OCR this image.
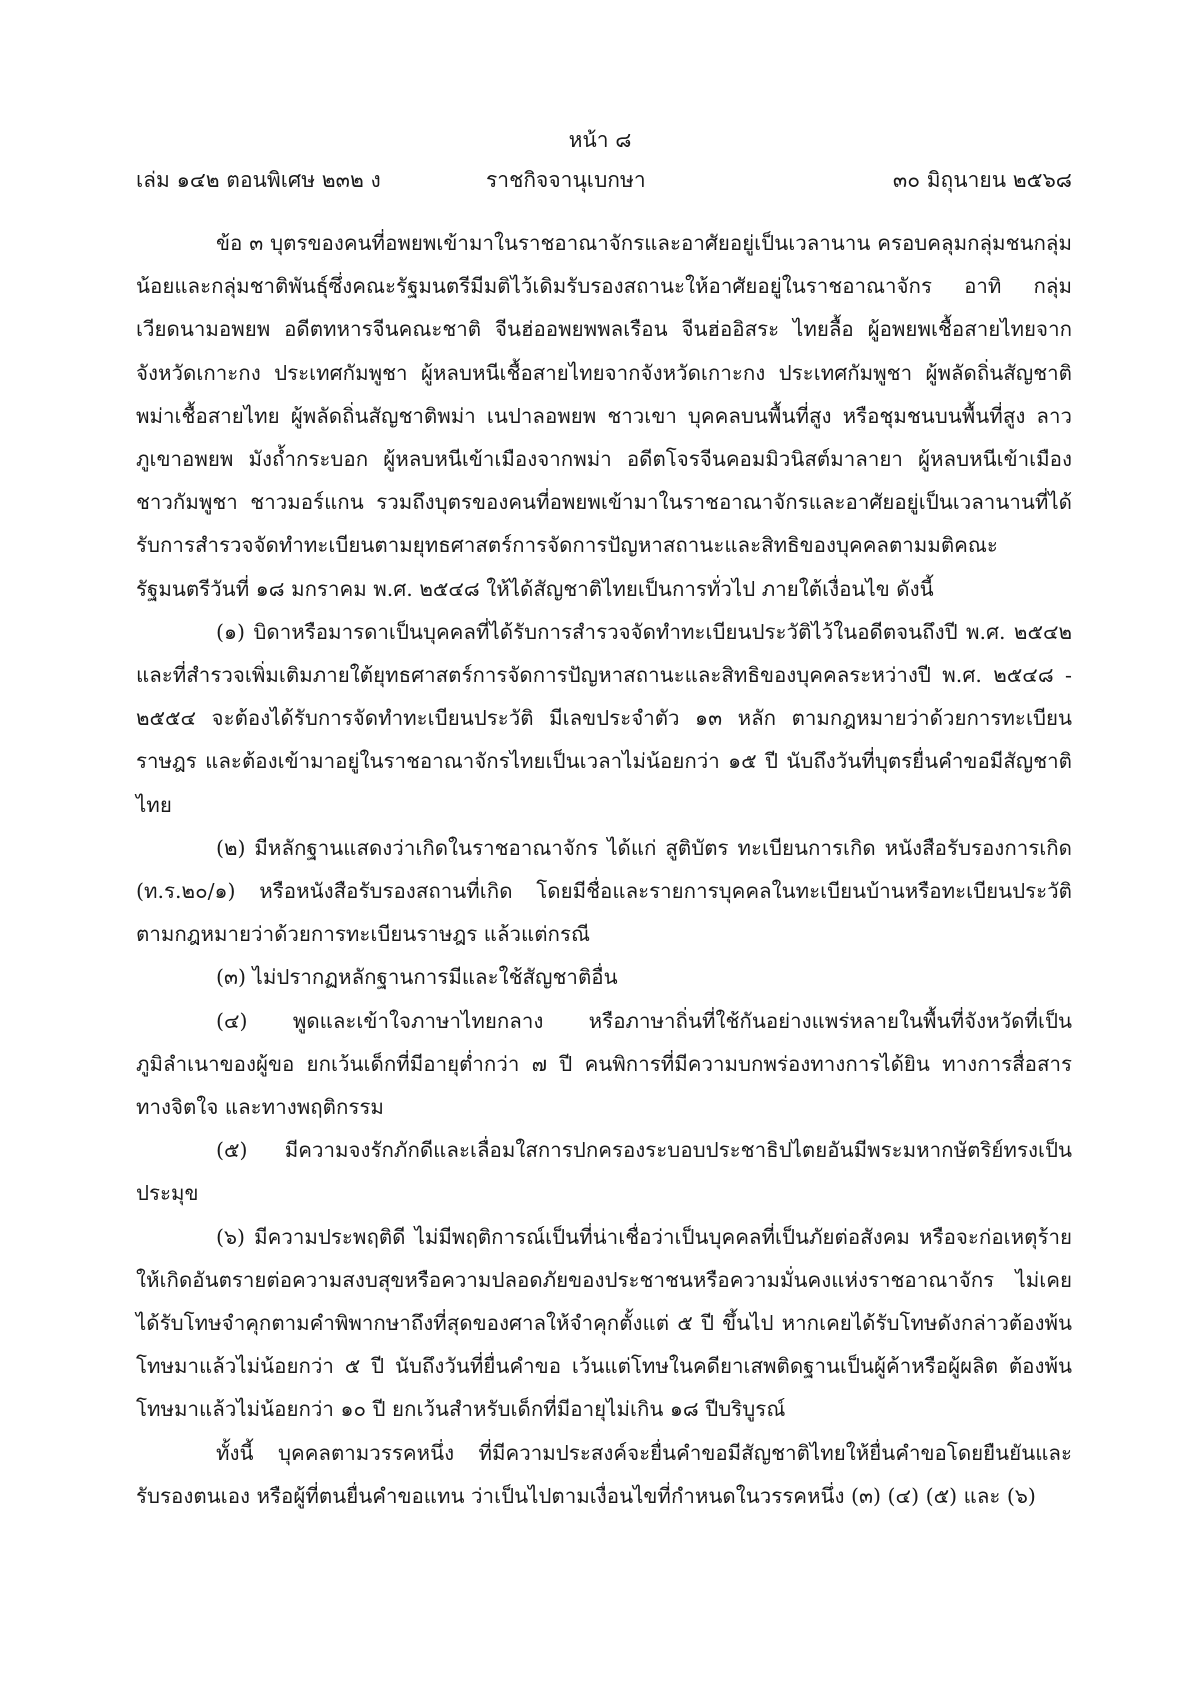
หน้า ๘
เล่ม ๑๔๒ ตอนพิเศษ ๒๓๒ ง	ราชกิจจานุเบกษา	๓๐ มิถุนายน ๒๕๖๘

ข้อ ๓ บุตรของคนที่อพยพเข้ามาในราชอาณาจักรและอาศัยอยู่เป็นเวลานาน ครอบคลุมกลุ่มชนกลุ่มน้อยและกลุ่มชาติพันธุ์ซึ่งคณะรัฐมนตรีมีมติไว้เดิมรับรองสถานะให้อาศัยอยู่ในราชอาณาจักร อาทิ กลุ่มเวียดนามอพยพ อดีตทหารจีนคณะชาติ จีนฮ่ออพยพพลเรือน จีนฮ่ออิสระ ไทยลื้อ ผู้อพยพเชื้อสายไทยจากจังหวัดเกาะกง ประเทศกัมพูชา ผู้หลบหนีเชื้อสายไทยจากจังหวัดเกาะกง ประเทศกัมพูชา ผู้พลัดถิ่นสัญชาติพม่าเชื้อสายไทย ผู้พลัดถิ่นสัญชาติพม่า เนปาลอพยพ ชาวเขา บุคคลบนพื้นที่สูง หรือชุมชนบนพื้นที่สูง ลาวภูเขาอพยพ มังถ้ำกระบอก ผู้หลบหนีเข้าเมืองจากพม่า อดีตโจรจีนคอมมิวนิสต์มาลายา ผู้หลบหนีเข้าเมืองชาวกัมพูชา ชาวมอร์แกน รวมถึงบุตรของคนที่อพยพเข้ามาในราชอาณาจักรและอาศัยอยู่เป็นเวลานานที่ได้รับการสำรวจจัดทำทะเบียนตามยุทธศาสตร์การจัดการปัญหาสถานะและสิทธิของบุคคลตามมติคณะรัฐมนตรีวันที่ ๑๘ มกราคม พ.ศ. ๒๕๔๘ ให้ได้สัญชาติไทยเป็นการทั่วไป ภายใต้เงื่อนไข ดังนี้

(๑) บิดาหรือมารดาเป็นบุคคลที่ได้รับการสำรวจจัดทำทะเบียนประวัติไว้ในอดีตจนถึงปี พ.ศ. ๒๕๔๒ และที่สำรวจเพิ่มเติมภายใต้ยุทธศาสตร์การจัดการปัญหาสถานะและสิทธิของบุคคลระหว่างปี พ.ศ. ๒๕๔๘ - ๒๕๕๔ จะต้องได้รับการจัดทำทะเบียนประวัติ มีเลขประจำตัว ๑๓ หลัก ตามกฎหมายว่าด้วยการทะเบียนราษฎร และต้องเข้ามาอยู่ในราชอาณาจักรไทยเป็นเวลาไม่น้อยกว่า ๑๕ ปี นับถึงวันที่บุตรยื่นคำขอมีสัญชาติไทย

(๒) มีหลักฐานแสดงว่าเกิดในราชอาณาจักร ได้แก่ สูติบัตร ทะเบียนการเกิด หนังสือรับรองการเกิด (ท.ร.๒๐/๑) หรือหนังสือรับรองสถานที่เกิด โดยมีชื่อและรายการบุคคลในทะเบียนบ้านหรือทะเบียนประวัติตามกฎหมายว่าด้วยการทะเบียนราษฎร แล้วแต่กรณี

(๓) ไม่ปรากฏหลักฐานการมีและใช้สัญชาติอื่น

(๔) พูดและเข้าใจภาษาไทยกลาง หรือภาษาถิ่นที่ใช้กันอย่างแพร่หลายในพื้นที่จังหวัดที่เป็นภูมิลำเนาของผู้ขอ ยกเว้นเด็กที่มีอายุต่ำกว่า ๗ ปี คนพิการที่มีความบกพร่องทางการได้ยิน ทางการสื่อสาร ทางจิตใจ และทางพฤติกรรม

(๕) มีความจงรักภักดีและเลื่อมใสการปกครองระบอบประชาธิปไตยอันมีพระมหากษัตริย์ทรงเป็นประมุข

(๖) มีความประพฤติดี ไม่มีพฤติการณ์เป็นที่น่าเชื่อว่าเป็นบุคคลที่เป็นภัยต่อสังคม หรือจะก่อเหตุร้ายให้เกิดอันตรายต่อความสงบสุขหรือความปลอดภัยของประชาชนหรือความมั่นคงแห่งราชอาณาจักร ไม่เคยได้รับโทษจำคุกตามคำพิพากษาถึงที่สุดของศาลให้จำคุกตั้งแต่ ๕ ปี ขึ้นไป หากเคยได้รับโทษดังกล่าวต้องพ้นโทษมาแล้วไม่น้อยกว่า ๕ ปี นับถึงวันที่ยื่นคำขอ เว้นแต่โทษในคดียาเสพติดฐานเป็นผู้ค้าหรือผู้ผลิต ต้องพ้นโทษมาแล้วไม่น้อยกว่า ๑๐ ปี ยกเว้นสำหรับเด็กที่มีอายุไม่เกิน ๑๘ ปีบริบูรณ์

ทั้งนี้ บุคคลตามวรรคหนึ่ง ที่มีความประสงค์จะยื่นคำขอมีสัญชาติไทยให้ยื่นคำขอโดยยืนยันและรับรองตนเอง หรือผู้ที่ตนยื่นคำขอแทน ว่าเป็นไปตามเงื่อนไขที่กำหนดในวรรคหนึ่ง (๓) (๔) (๕) และ (๖)
